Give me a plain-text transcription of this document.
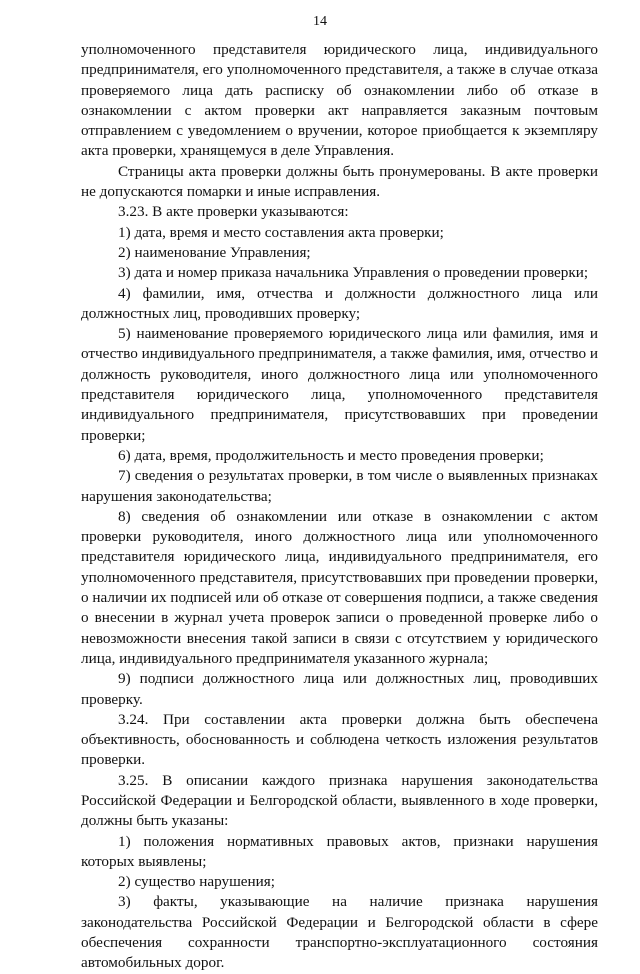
14

уполномоченного представителя юридического лица, индивидуального предпринимателя, его уполномоченного представителя, а также в случае отказа проверяемого лица дать расписку об ознакомлении либо об отказе в ознакомлении с актом проверки акт направляется заказным почтовым отправлением с уведомлением о вручении, которое приобщается к экземпляру акта проверки, хранящемуся в деле Управления.

Страницы акта проверки должны быть пронумерованы. В акте проверки не допускаются помарки и иные исправления.

3.23. В акте проверки указываются:

1) дата, время и место составления акта проверки;

2) наименование Управления;

3) дата и номер приказа начальника Управления о проведении проверки;

4) фамилии, имя, отчества и должности должностного лица или должностных лиц, проводивших проверку;

5) наименование проверяемого юридического лица или фамилия, имя и отчество индивидуального предпринимателя, а также фамилия, имя, отчество и должность руководителя, иного должностного лица или уполномоченного представителя юридического лица, уполномоченного представителя индивидуального предпринимателя, присутствовавших при проведении проверки;

6) дата, время, продолжительность и место проведения проверки;

7) сведения о результатах проверки, в том числе о выявленных признаках нарушения законодательства;

8) сведения об ознакомлении или отказе в ознакомлении с актом проверки руководителя, иного должностного лица или уполномоченного представителя юридического лица, индивидуального предпринимателя, его уполномоченного представителя, присутствовавших при проведении проверки, о наличии их подписей или об отказе от совершения подписи, а также сведения о внесении в журнал учета проверок записи о проведенной проверке либо о невозможности внесения такой записи в связи с отсутствием у юридического лица, индивидуального предпринимателя указанного журнала;

9) подписи должностного лица или должностных лиц, проводивших проверку.

3.24. При составлении акта проверки должна быть обеспечена объективность, обоснованность и соблюдена четкость изложения результатов проверки.

3.25. В описании каждого признака нарушения законодательства Российской Федерации и Белгородской области, выявленного в ходе проверки, должны быть указаны:

1) положения нормативных правовых актов, признаки нарушения которых выявлены;

2) существо нарушения;

3) факты, указывающие на наличие признака нарушения законодательства Российской Федерации и Белгородской области в сфере обеспечения сохранности транспортно-эксплуатационного состояния автомобильных дорог.
